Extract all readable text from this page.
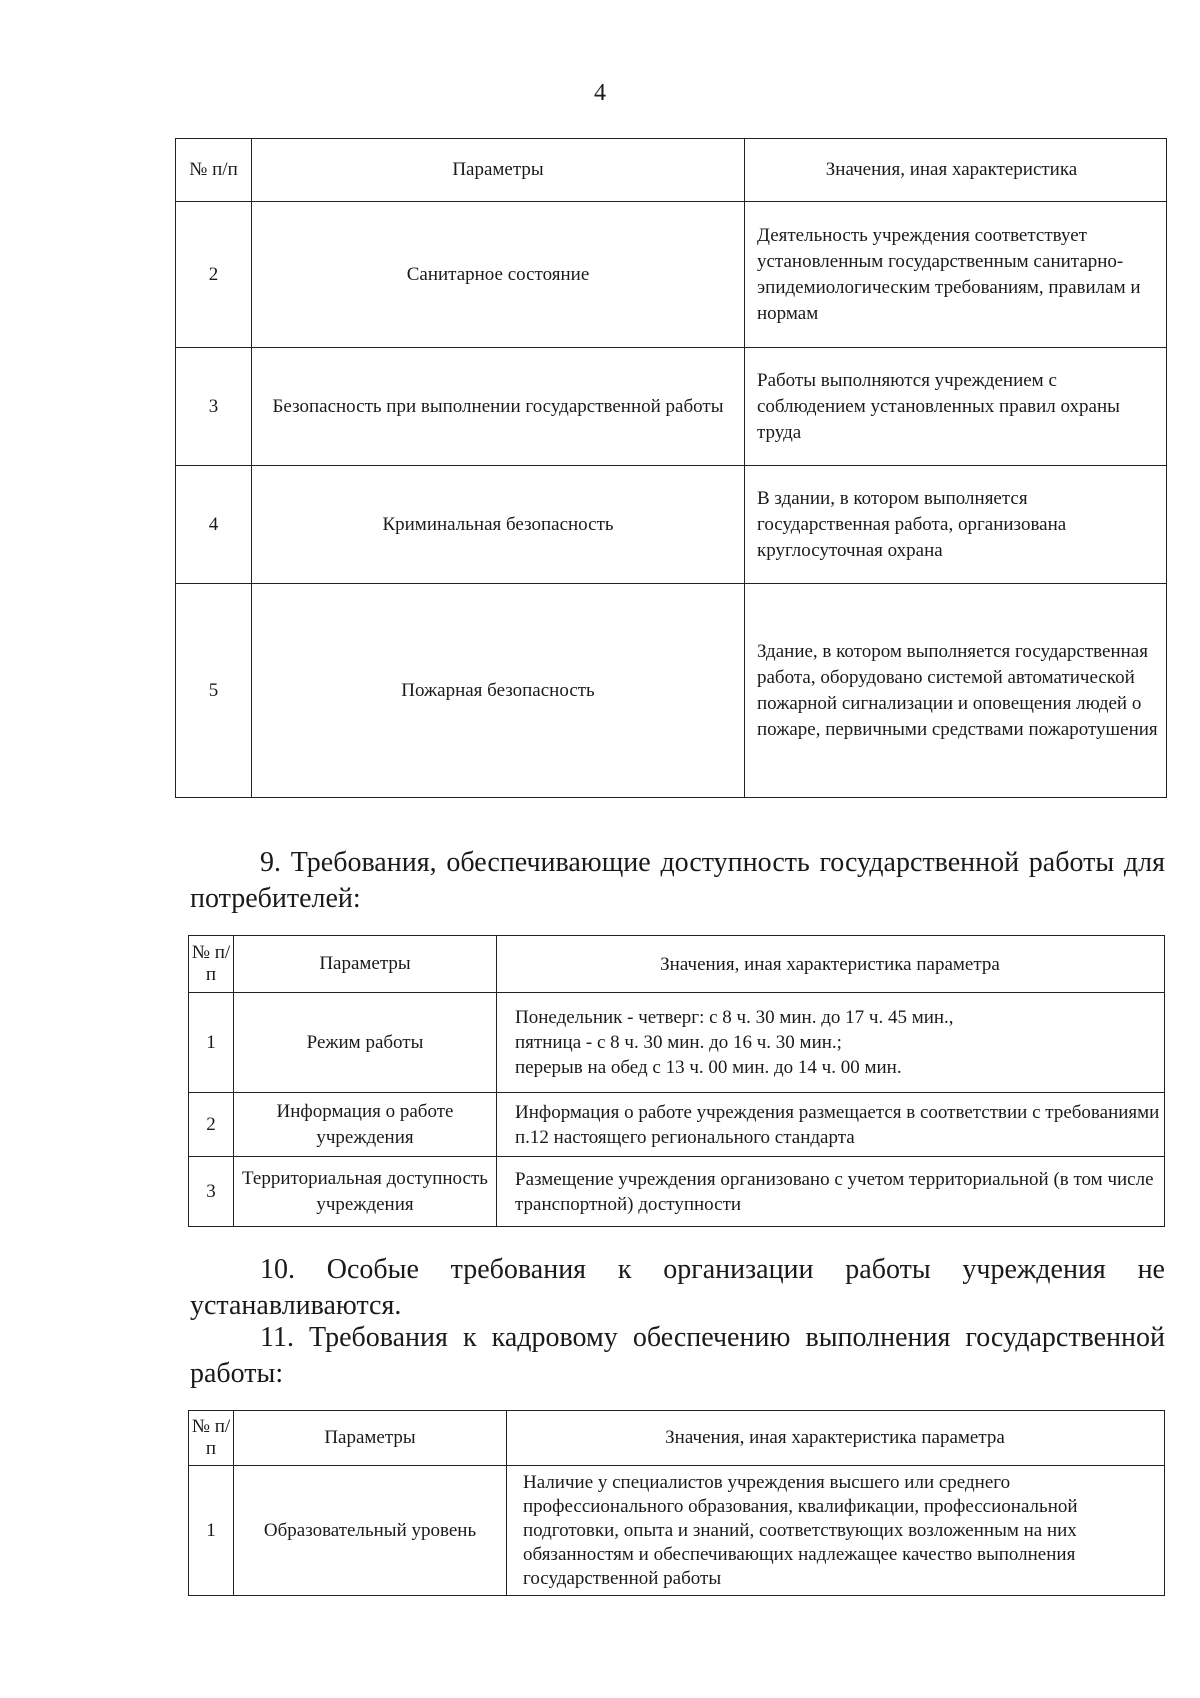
4
№ п/п	Параметры	Значения, иная характеристика
2	Санитарное состояние	Деятельность учреждения соответствует установленным государственным санитарно-эпидемиологическим требованиям, правилам и нормам
3	Безопасность при выполнении государственной работы	Работы выполняются учреждением с соблюдением установленных правил охраны труда
4	Криминальная безопасность	В здании, в котором выполняется государственная работа, организована круглосуточная охрана
5	Пожарная безопасность	Здание, в котором выполняется государственная работа, оборудовано системой автоматической пожарной сигнализации и оповещения людей о пожаре, первичными средствами пожаротушения

9. Требования, обеспечивающие доступность государственной работы для потребителей:

№ п/п	Параметры	Значения, иная характеристика параметра
1	Режим работы	Понедельник - четверг: с 8 ч. 30 мин. до 17 ч. 45 мин.,
пятница - с 8 ч. 30 мин. до 16 ч. 30 мин.;
перерыв на обед с 13 ч. 00 мин. до 14 ч. 00 мин.

2	Информация о работе учреждения	Информация о работе учреждения размещается в соответствии с требованиями п.12 настоящего регионального стандарта

3	Территориальная доступность учреждения	Размещение учреждения организовано с учетом территориальной (в том числе транспортной) доступности

10. Особые требования к организации работы учреждения не устанавливаются.

11. Требования к кадровому обеспечению выполнения государственной работы:

№ п/п	Параметры	Значения, иная характеристика параметра
1	Образовательный уровень	Наличие у специалистов учреждения высшего или среднего профессионального образования, квалификации, профессиональной подготовки, опыта и знаний, соответствующих возложенным на них обязанностям и обеспечивающих надлежащее качество выполнения государственной работы
